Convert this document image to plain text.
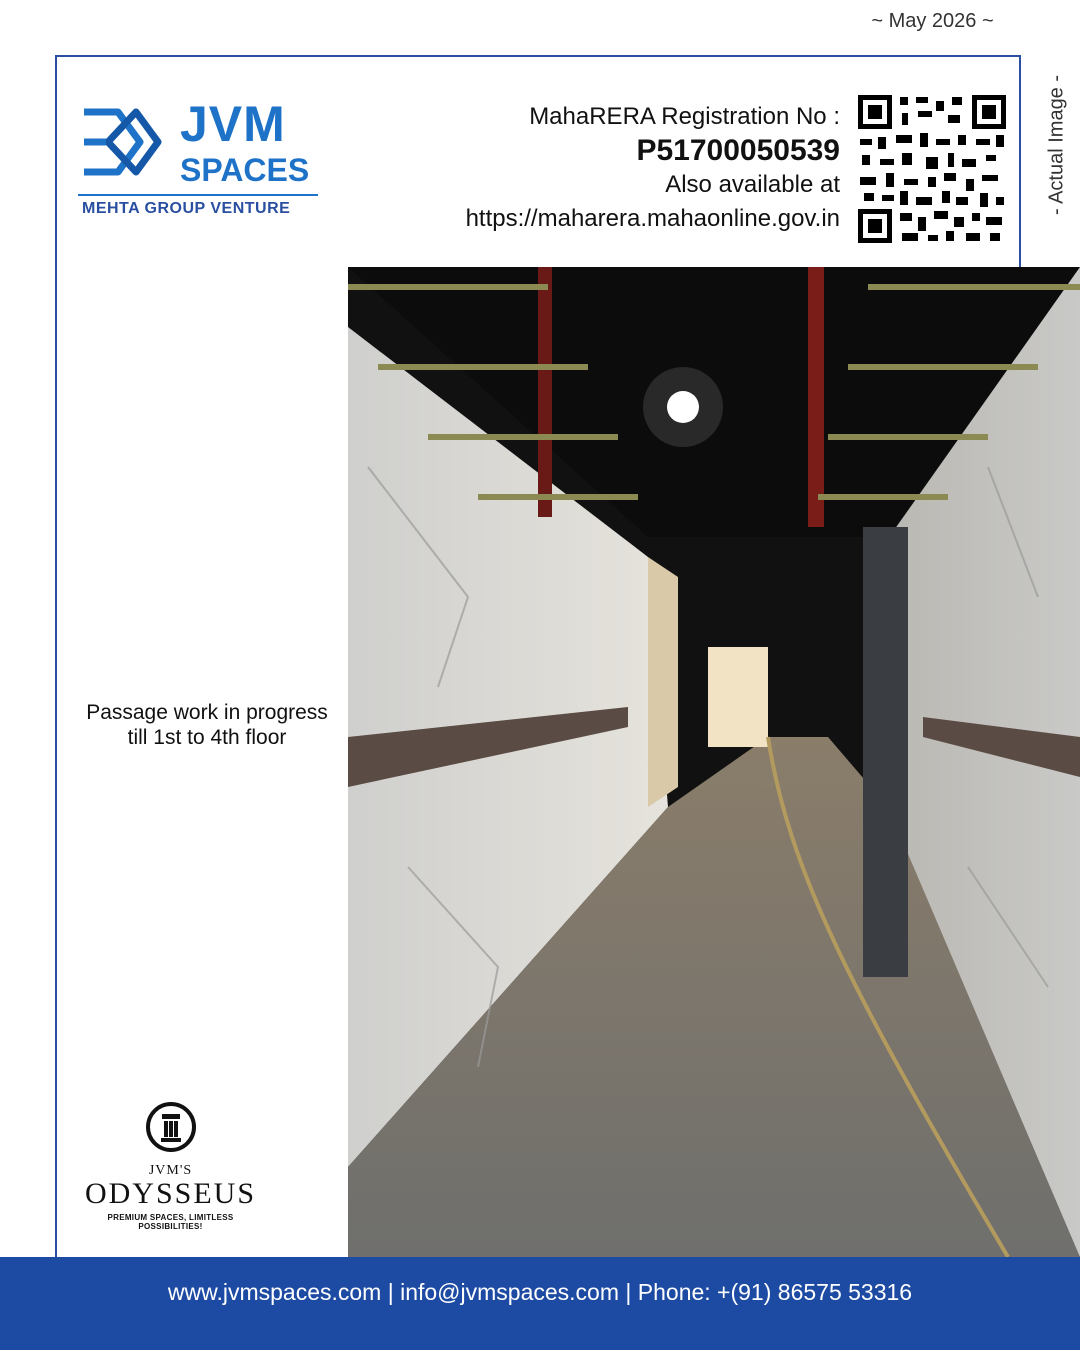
~ May 2026 ~
- Actual Image -
JVM
SPACES
MEHTA GROUP VENTURE
MahaRERA Registration No :
P51700050539
Also available at
https://maharera.mahaonline.gov.in
Passage work in progress
till 1st to 4th floor
JVM'S
ODYSSEUS
PREMIUM SPACES, LIMITLESS POSSIBILITIES!
www.jvmspaces.com | info@jvmspaces.com | Phone: +(91) 86575 53316
